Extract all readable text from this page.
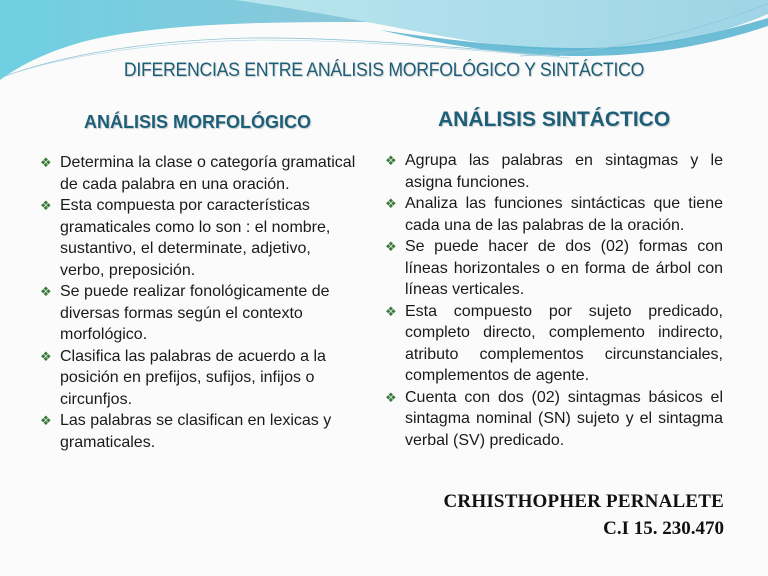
DIFERENCIAS ENTRE ANÁLISIS MORFOLÓGICO Y SINTÁCTICO
ANÁLISIS MORFOLÓGICO	ANÁLISIS SINTÁCTICO
❖ Determina la clase o categoría gramatical de cada palabra en una oración.
❖ Esta compuesta por características gramaticales como lo son : el nombre, sustantivo, el determinate, adjetivo, verbo, preposición.
❖ Se puede realizar fonológicamente de diversas formas según el contexto morfológico.
❖ Clasifica las palabras de acuerdo a la posición en prefijos, sufijos, infijos o circunfjos.
❖ Las palabras se clasifican en lexicas y gramaticales.
❖ Agrupa las palabras en sintagmas y le asigna funciones.
❖ Analiza las funciones sintácticas que tiene cada una de las palabras de la oración.
❖ Se puede hacer de dos (02) formas con líneas horizontales o en forma de árbol con líneas verticales.
❖ Esta compuesto por sujeto predicado, completo directo, complemento indirecto, atributo complementos circunstanciales, complementos de agente.
❖ Cuenta con dos (02) sintagmas básicos el sintagma nominal (SN) sujeto y el sintagma verbal (SV) predicado.
CRHISTHOPHER PERNALETE
C.I 15. 230.470
